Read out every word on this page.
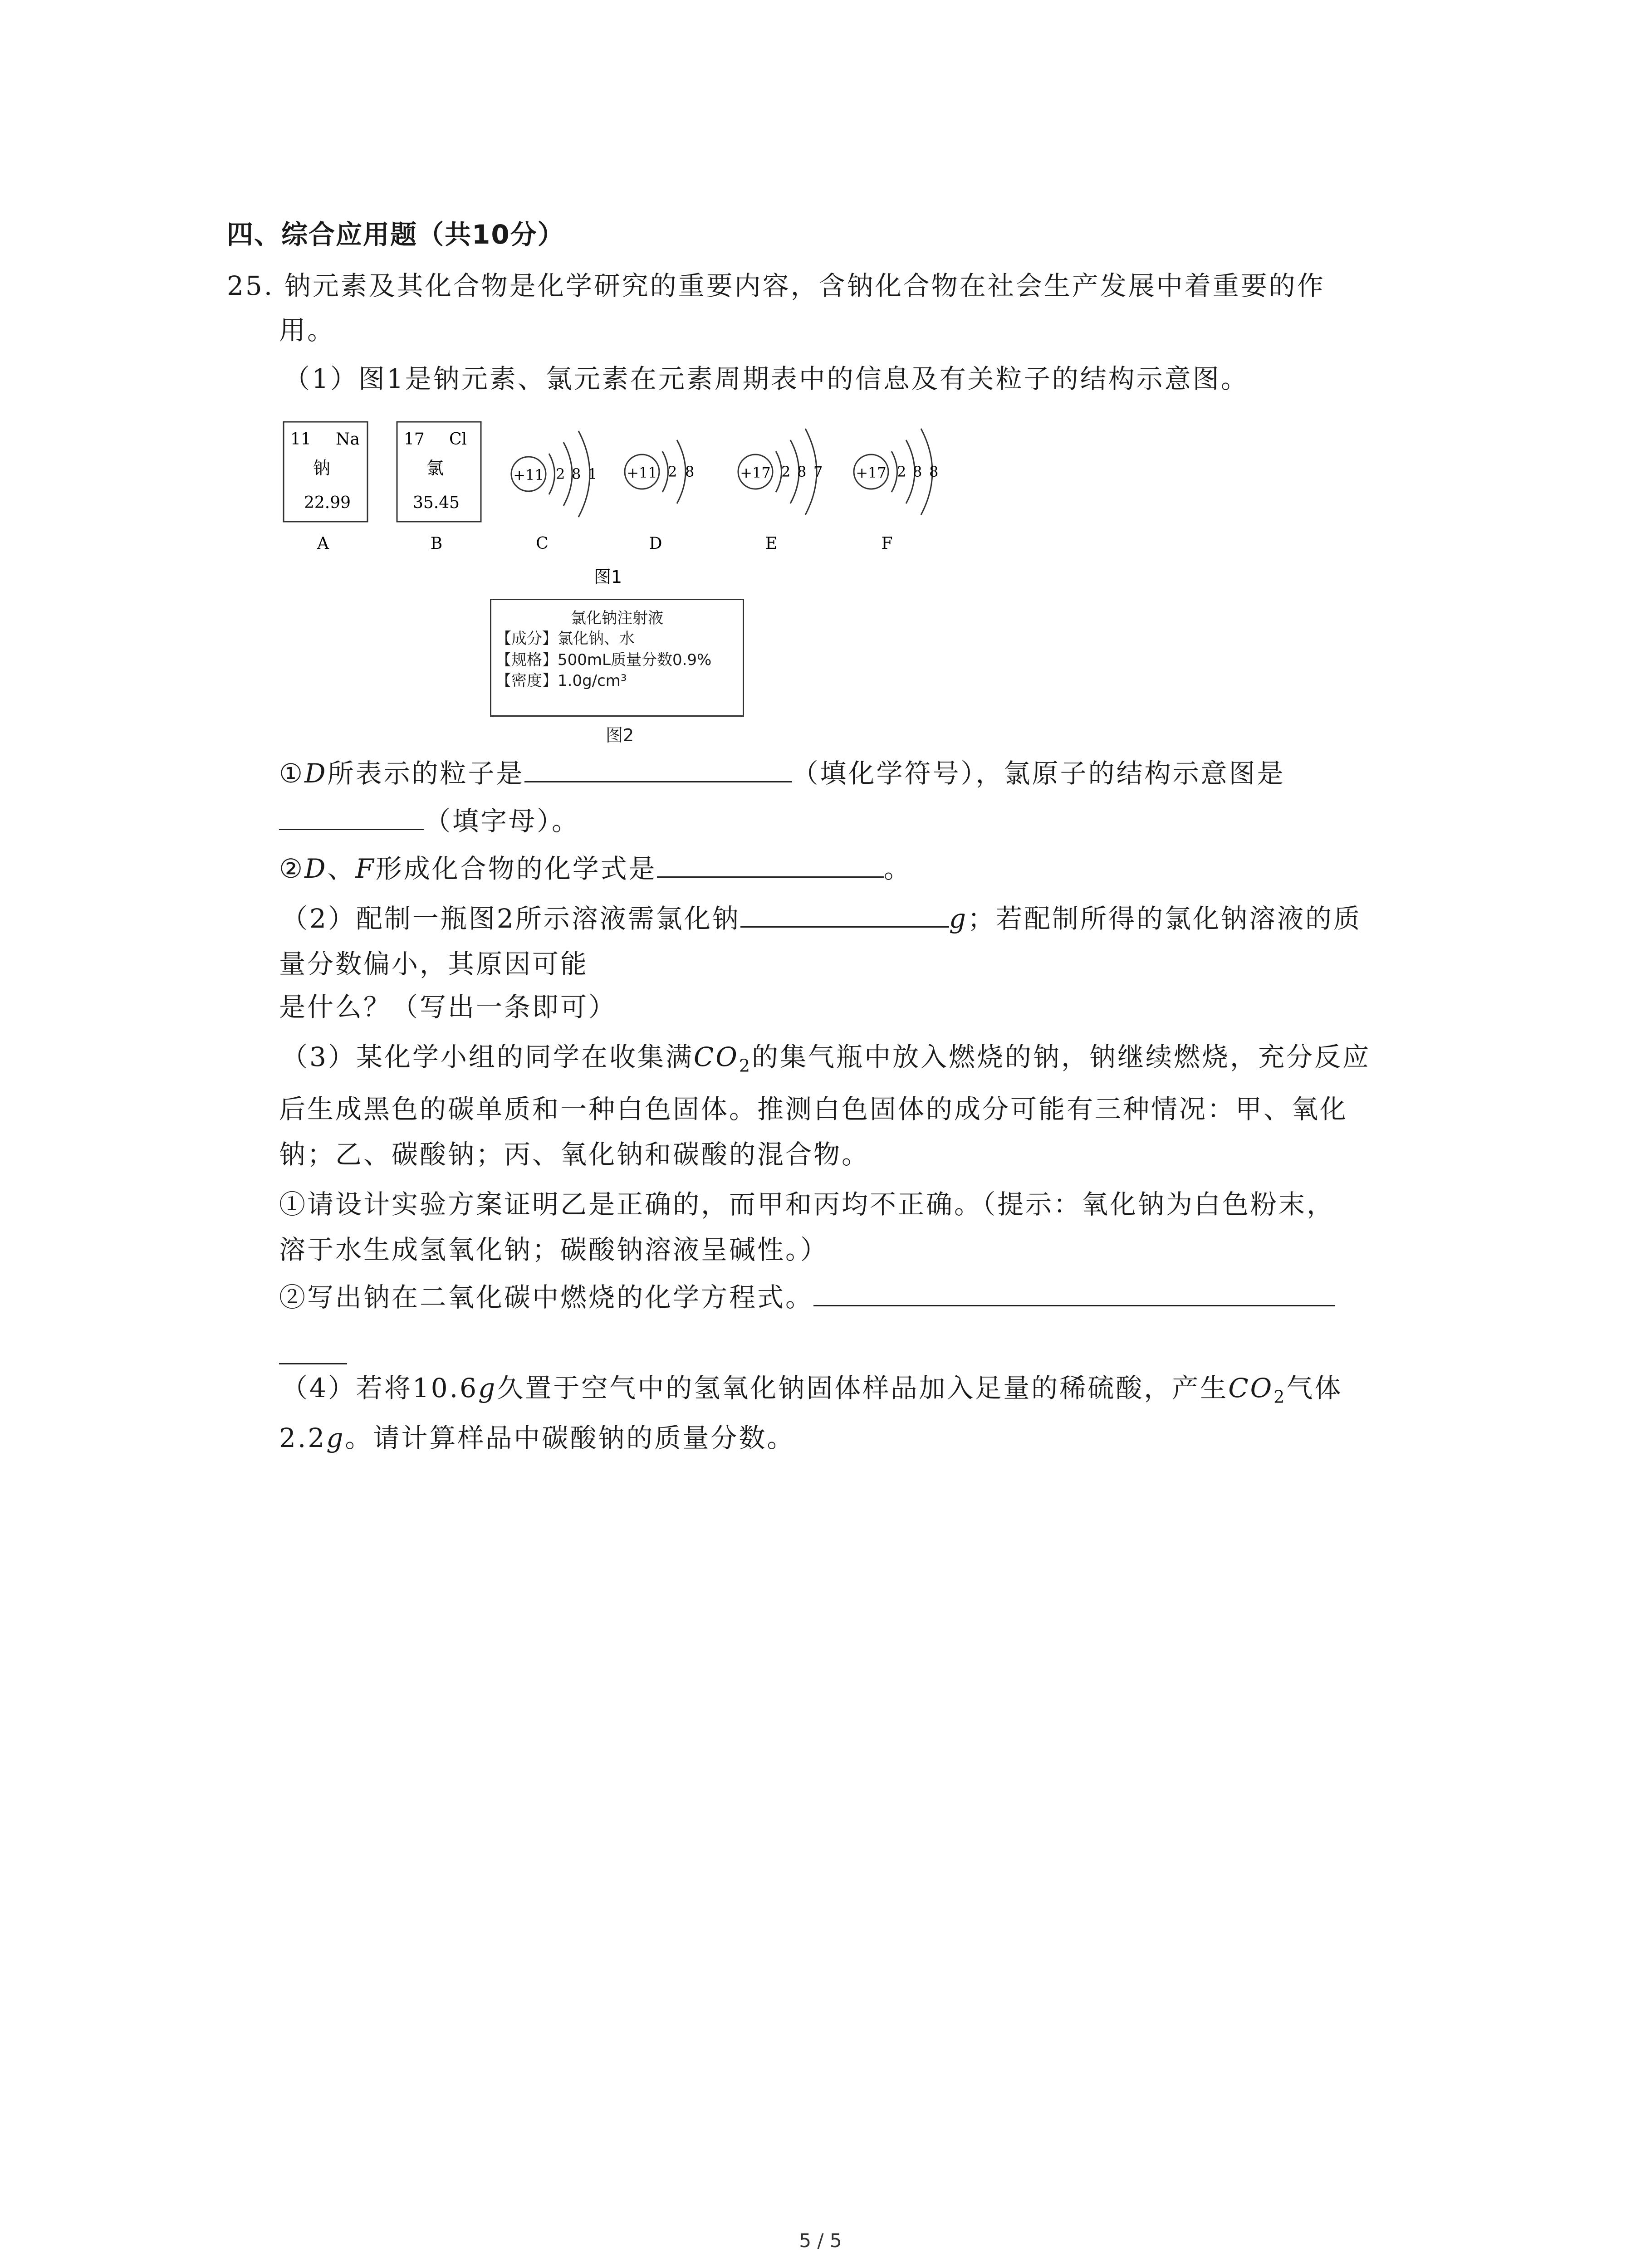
四、综合应用题（共10分）
25. 钠元素及其化合物是化学研究的重要内容，含钠化合物在社会生产发展中着重要的作
用。
（1）图1是钠元素、氯元素在元素周期表中的信息及有关粒子的结构示意图。
11 Na
钠
22.99
A
17 Cl
氯
35.45
B
+11 2 8 1
C
+11 2 8
D
+17 2 8 7
E
+17 2 8 8
F
图1
氯化钠注射液
【成分】氯化钠、水
【规格】500mL质量分数0.9%
【密度】1.0g/cm³
图2
①D所表示的粒子是	（填化学符号），氯原子的结构示意图是
（填字母）。
②D、F形成化合物的化学式是	。
（2）配制一瓶图2所示溶液需氯化钠	g；若配制所得的氯化钠溶液的质
量分数偏小，其原因可能
是什么？（写出一条即可）
（3）某化学小组的同学在收集满$CO_2$的集气瓶中放入燃烧的钠，钠继续燃烧，充分反应
后生成黑色的碳单质和一种白色固体。推测白色固体的成分可能有三种情况：甲、氧化
钠；乙、碳酸钠；丙、氧化钠和碳酸的混合物。
①请设计实验方案证明乙是正确的，而甲和丙均不正确。（提示：氧化钠为白色粉末，
溶于水生成氢氧化钠；碳酸钠溶液呈碱性。）
②写出钠在二氧化碳中燃烧的化学方程式。
（4）若将10.6g久置于空气中的氢氧化钠固体样品加入足量的稀硫酸，产生$CO_2$气体
2.2g。请计算样品中碳酸钠的质量分数。
5 / 5
